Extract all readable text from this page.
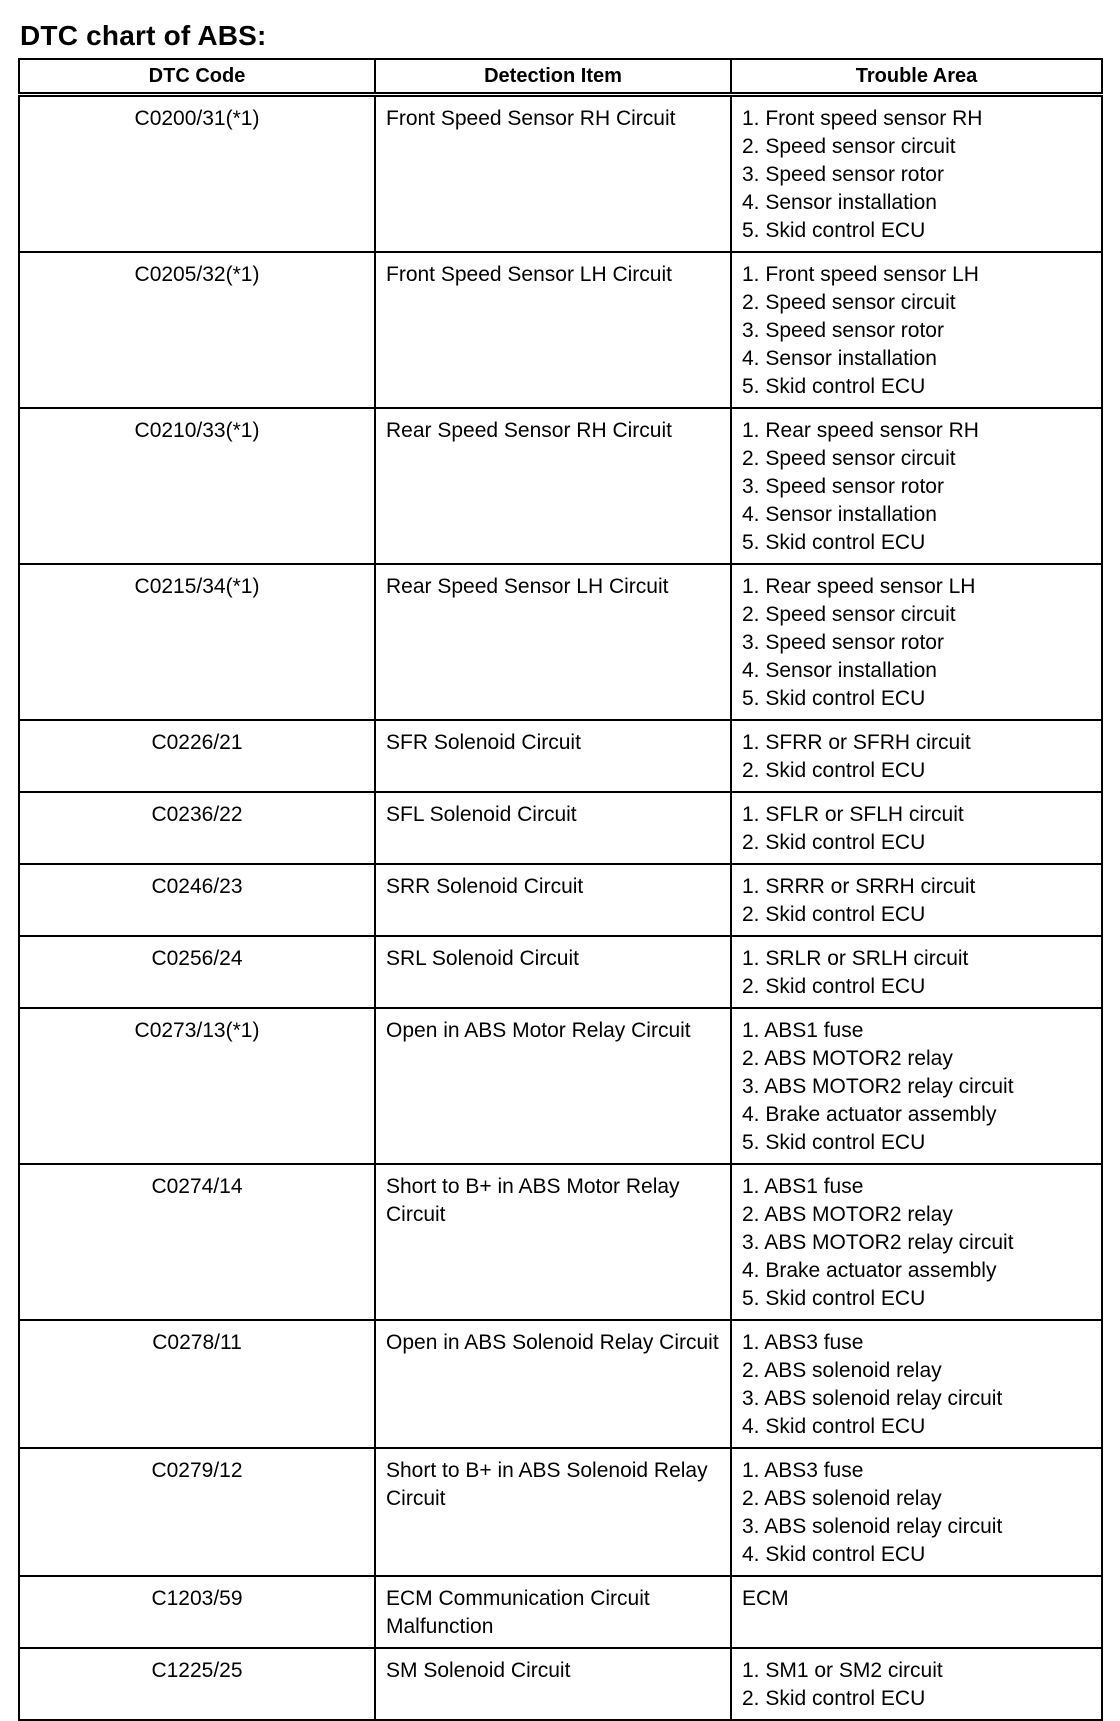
DTC chart of ABS:
DTC Code	Detection Item	Trouble Area
C0200/31(*1)	Front Speed Sensor RH Circuit	1. Front speed sensor RH
2. Speed sensor circuit
3. Speed sensor rotor
4. Sensor installation
5. Skid control ECU

C0205/32(*1)	Front Speed Sensor LH Circuit	1. Front speed sensor LH
2. Speed sensor circuit
3. Speed sensor rotor
4. Sensor installation
5. Skid control ECU

C0210/33(*1)	Rear Speed Sensor RH Circuit	1. Rear speed sensor RH
2. Speed sensor circuit
3. Speed sensor rotor
4. Sensor installation
5. Skid control ECU

C0215/34(*1)	Rear Speed Sensor LH Circuit	1. Rear speed sensor LH
2. Speed sensor circuit
3. Speed sensor rotor
4. Sensor installation
5. Skid control ECU

C0226/21	SFR Solenoid Circuit	1. SFRR or SFRH circuit
2. Skid control ECU

C0236/22	SFL Solenoid Circuit	1. SFLR or SFLH circuit
2. Skid control ECU

C0246/23	SRR Solenoid Circuit	1. SRRR or SRRH circuit
2. Skid control ECU

C0256/24	SRL Solenoid Circuit	1. SRLR or SRLH circuit
2. Skid control ECU

C0273/13(*1)	Open in ABS Motor Relay Circuit	1. ABS1 fuse
2. ABS MOTOR2 relay
3. ABS MOTOR2 relay circuit
4. Brake actuator assembly
5. Skid control ECU

C0274/14	Short to B+ in ABS Motor Relay Circuit	1. ABS1 fuse
2. ABS MOTOR2 relay
3. ABS MOTOR2 relay circuit
4. Brake actuator assembly
5. Skid control ECU

C0278/11	Open in ABS Solenoid Relay Circuit	1. ABS3 fuse
2. ABS solenoid relay
3. ABS solenoid relay circuit
4. Skid control ECU

C0279/12	Short to B+ in ABS Solenoid Relay Circuit	1. ABS3 fuse
2. ABS solenoid relay
3. ABS solenoid relay circuit
4. Skid control ECU

C1203/59	ECM Communication Circuit Malfunction	ECM

C1225/25	SM Solenoid Circuit	1. SM1 or SM2 circuit
2. Skid control ECU
